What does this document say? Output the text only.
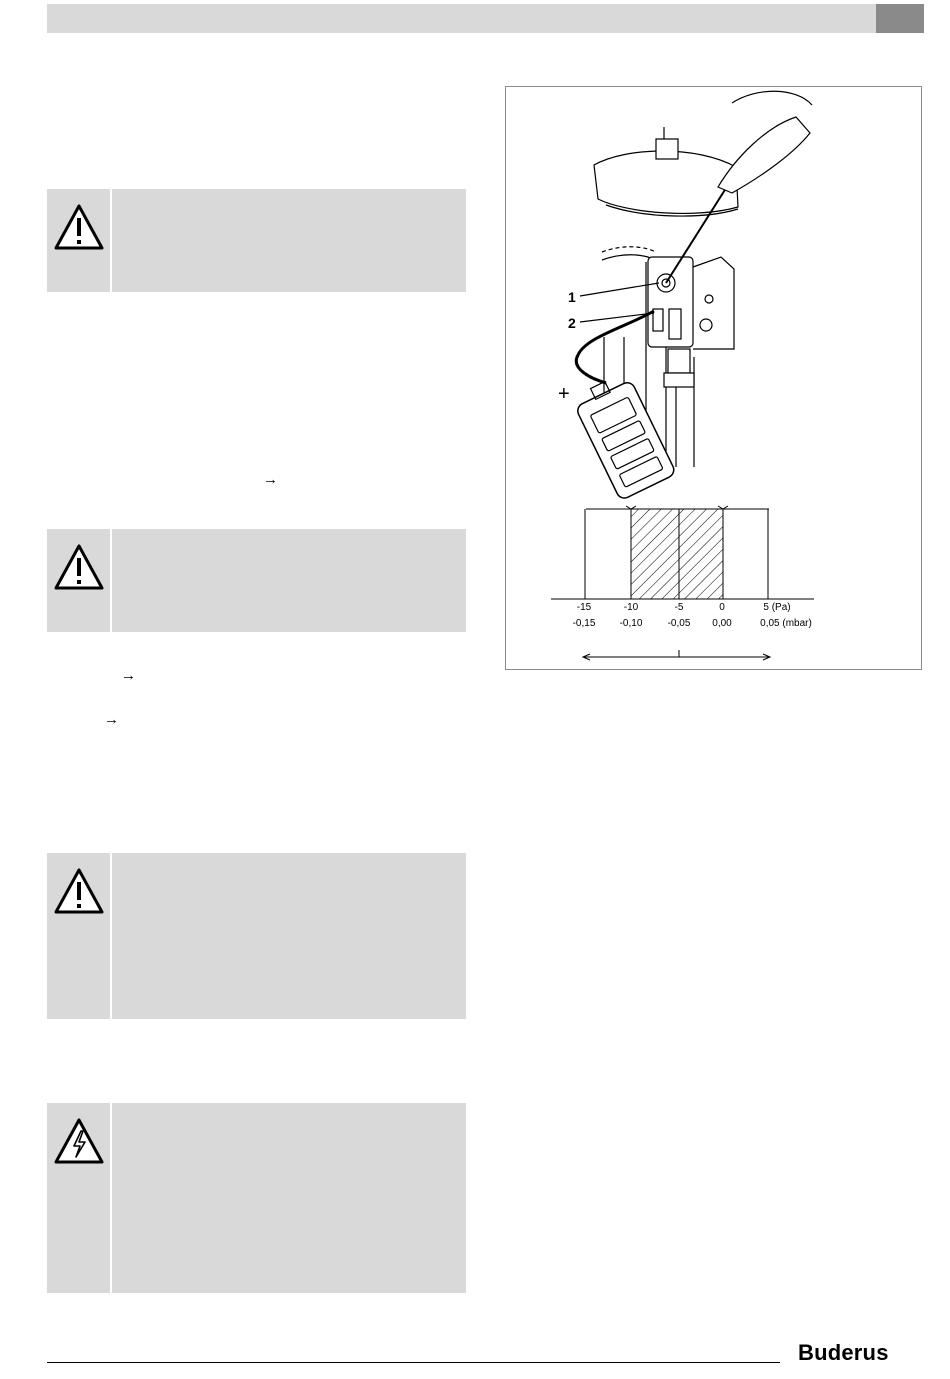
→
→
→
1
2
+
-15	-10	-5	0	5 (Pa)
-0,15 -0,10	-0,05 0,00	0,05 (mbar)
Buderus
